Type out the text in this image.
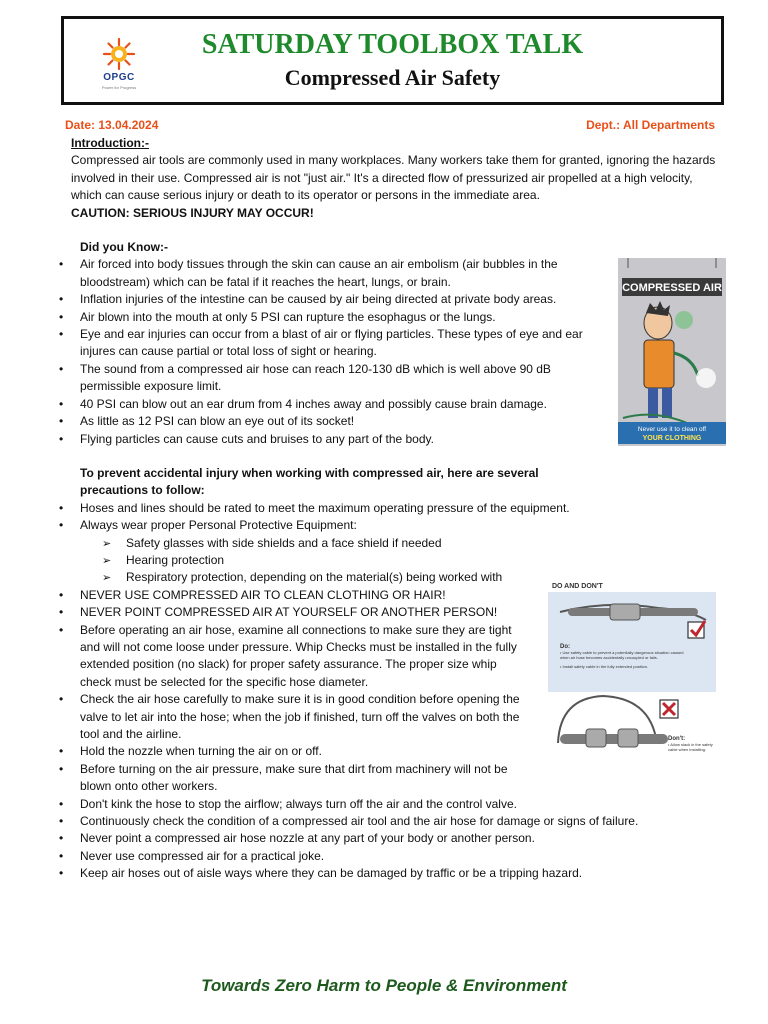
OPGC
Power for Progress
SATURDAY TOOLBOX TALK
Compressed Air Safety
Date: 13.04.2024	Dept.: All Departments

Introduction:-

Compressed air tools are commonly used in many workplaces. Many workers take them for granted, ignoring the hazards involved in their use. Compressed air is not "just air." It's a directed flow of pressurized air propelled at a high velocity, which can cause serious injury or death to its operator or persons in the immediate area.

CAUTION: SERIOUS INJURY MAY OCCUR!

Did you Know:-

• Air forced into body tissues through the skin can cause an air embolism (air bubbles in the bloodstream) which can be fatal if it reaches the heart, lungs, or brain.
• Inflation injuries of the intestine can be caused by air being directed at private body areas.
• Air blown into the mouth at only 5 PSI can rupture the esophagus or the lungs.
• Eye and ear injuries can occur from a blast of air or flying particles. These types of eye and ear injures can cause partial or total loss of sight or hearing.
• The sound from a compressed air hose can reach 120-130 dB which is well above 90 dB permissible exposure limit.
• 40 PSI can blow out an ear drum from 4 inches away and possibly cause brain damage.
• As little as 12 PSI can blow an eye out of its socket!
• Flying particles can cause cuts and bruises to any part of the body.

To prevent accidental injury when working with compressed air, here are several precautions to follow:

• Hoses and lines should be rated to meet the maximum operating pressure of the equipment.
• Always wear proper Personal Protective Equipment:
➢ Safety glasses with side shields and a face shield if needed
➢ Hearing protection
➢ Respiratory protection, depending on the material(s) being worked with
• NEVER USE COMPRESSED AIR TO CLEAN CLOTHING OR HAIR!
• NEVER POINT COMPRESSED AIR AT YOURSELF OR ANOTHER PERSON!
• Before operating an air hose, examine all connections to make sure they are tight and will not come loose under pressure. Whip Checks must be installed in the fully extended position (no slack) for proper safety assurance. The proper size whip check must be selected for the specific hose diameter.
• Check the air hose carefully to make sure it is in good condition before opening the valve to let air into the hose; when the job if finished, turn off the valves on both the tool and the airline.
• Hold the nozzle when turning the air on or off.
• Before turning on the air pressure, make sure that dirt from machinery will not be blown onto other workers.
• Don't kink the hose to stop the airflow; always turn off the air and the control valve.
• Continuously check the condition of a compressed air tool and the air hose for damage or signs of failure.
• Never point a compressed air hose nozzle at any part of your body or another person.
• Never use compressed air for a practical joke.
• Keep air hoses out of aisle ways where they can be damaged by traffic or be a tripping hazard.
COMPRESSED AIR
Never use it to clean off
YOUR CLOTHING
DO AND DON'T
Do:
• Use safety cable to prevent a potentially dangerous situation caused when air hose becomes accidentally uncoupled or fails.
• Install safety cable in the fully extended position.
Don't:
• Allow slack in the safety cable when installing.
Towards Zero Harm to People & Environment
